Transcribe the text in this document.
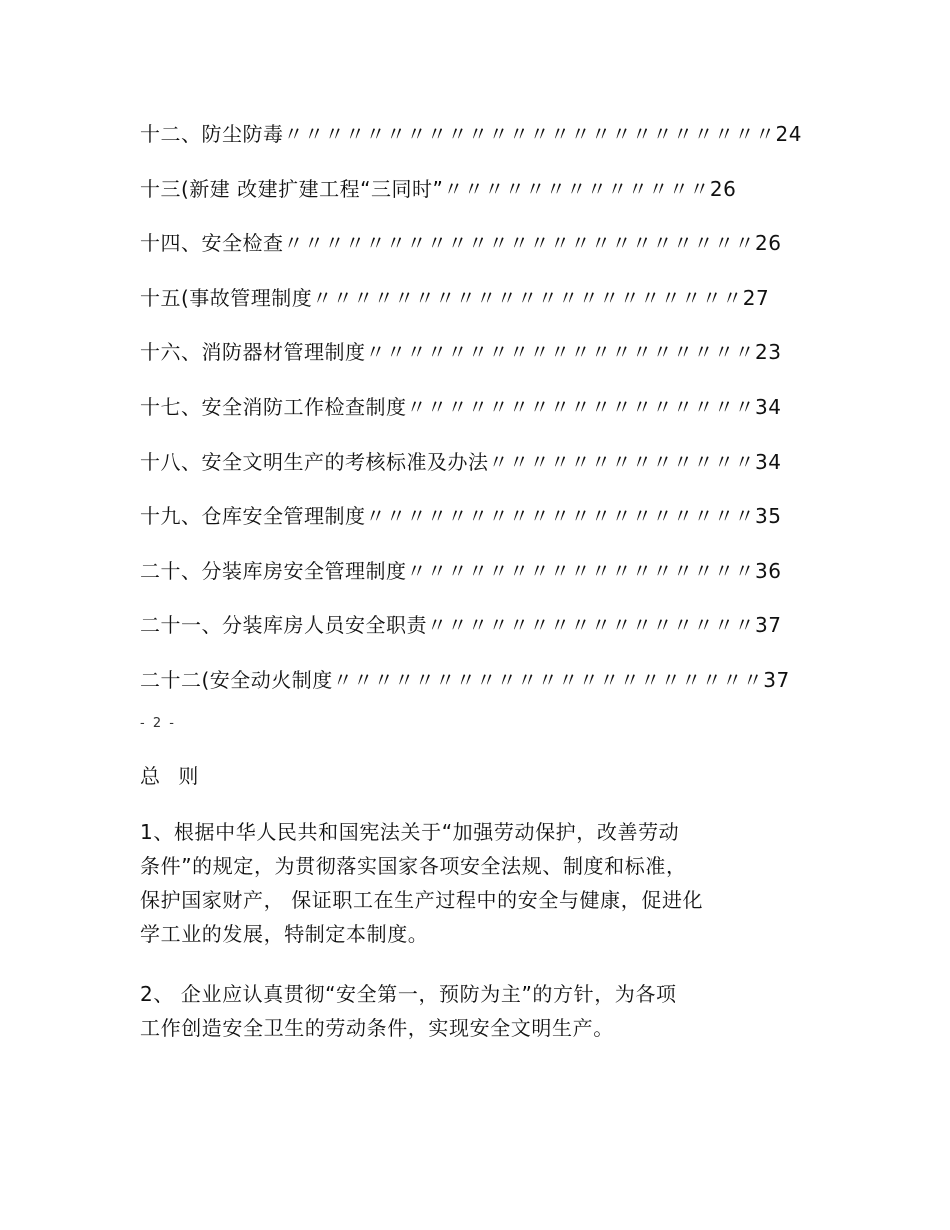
十二、防尘防毒〃〃〃〃〃〃〃〃〃〃〃〃〃〃〃〃〃〃〃〃〃〃〃〃24
十三(新建 改建扩建工程“三同时”〃〃〃〃〃〃〃〃〃〃〃〃〃26
十四、安全检查〃〃〃〃〃〃〃〃〃〃〃〃〃〃〃〃〃〃〃〃〃〃〃26
十五(事故管理制度〃〃〃〃〃〃〃〃〃〃〃〃〃〃〃〃〃〃〃〃〃27
十六、消防器材管理制度〃〃〃〃〃〃〃〃〃〃〃〃〃〃〃〃〃〃〃23
十七、安全消防工作检查制度〃〃〃〃〃〃〃〃〃〃〃〃〃〃〃〃〃34
十八、安全文明生产的考核标准及办法〃〃〃〃〃〃〃〃〃〃〃〃〃34
十九、仓库安全管理制度〃〃〃〃〃〃〃〃〃〃〃〃〃〃〃〃〃〃〃35
二十、分装库房安全管理制度〃〃〃〃〃〃〃〃〃〃〃〃〃〃〃〃〃36
二十一、分装库房人员安全职责〃〃〃〃〃〃〃〃〃〃〃〃〃〃〃〃37
二十二(安全动火制度〃〃〃〃〃〃〃〃〃〃〃〃〃〃〃〃〃〃〃〃〃37
- 2 -
总 则
1、根据中华人民共和国宪法关于“加强劳动保护，改善劳动
条件”的规定，为贯彻落实国家各项安全法规、制度和标准，
保护国家财产， 保证职工在生产过程中的安全与健康，促进化
学工业的发展，特制定本制度。
2、 企业应认真贯彻“安全第一，预防为主”的方针，为各项
工作创造安全卫生的劳动条件，实现安全文明生产。
